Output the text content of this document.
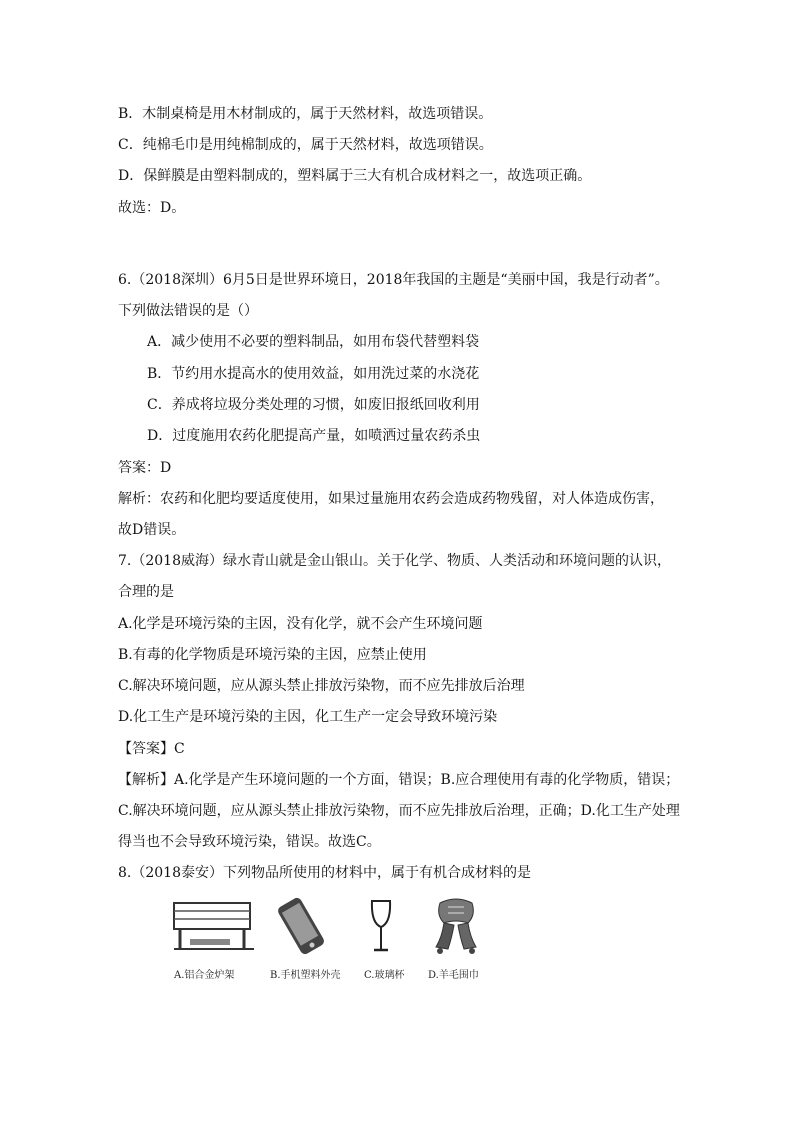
B．木制桌椅是用木材制成的，属于天然材料，故选项错误。
C．纯棉毛巾是用纯棉制成的，属于天然材料，故选项错误。
D．保鲜膜是由塑料制成的，塑料属于三大有机合成材料之一，故选项正确。
故选：D。
6.（2018深圳）6月5日是世界环境日，2018年我国的主题是“美丽中国，我是行动者”。
下列做法错误的是（）
A．减少使用不必要的塑料制品，如用布袋代替塑料袋
B．节约用水提高水的使用效益，如用洗过菜的水浇花
C．养成将垃圾分类处理的习惯，如废旧报纸回收利用
D．过度施用农药化肥提高产量，如喷洒过量农药杀虫
答案：D
解析：农药和化肥均要适度使用，如果过量施用农药会造成药物残留，对人体造成伤害，
故D错误。
7.（2018威海）绿水青山就是金山银山。关于化学、物质、人类活动和环境问题的认识，
合理的是
A.化学是环境污染的主因，没有化学，就不会产生环境问题
B.有毒的化学物质是环境污染的主因，应禁止使用
C.解决环境问题，应从源头禁止排放污染物，而不应先排放后治理
D.化工生产是环境污染的主因，化工生产一定会导致环境污染
【答案】C
【解析】A.化学是产生环境问题的一个方面，错误；B.应合理使用有毒的化学物质，错误；
C.解决环境问题，应从源头禁止排放污染物，而不应先排放后治理，正确；D.化工生产处理
得当也不会导致环境污染，错误。故选C。
8.（2018泰安）下列物品所使用的材料中，属于有机合成材料的是
A.铝合金炉架	B.手机塑料外壳 C.玻璃杯 D.羊毛围巾
